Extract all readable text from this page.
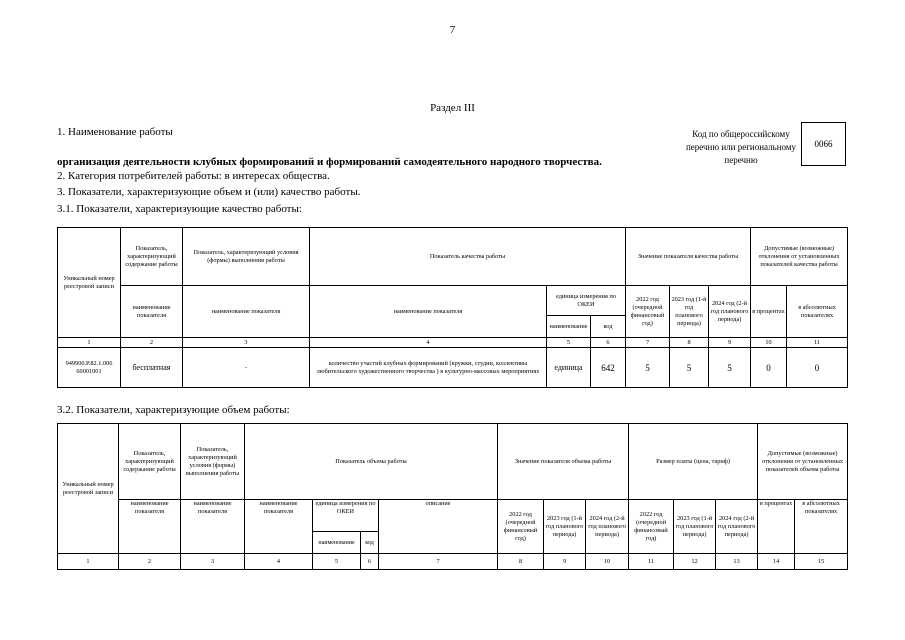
7
Раздел III
1. Наименование работы	Код по общероссийскому
перечню или региональному
перечню
0066
организация деятельности клубных формирований и формирований самодеятельного народного творчества.
2. Категория потребителей работы: в интересах общества.
3. Показатели, характеризующие объем и (или) качество работы.
3.1. Показатели, характеризующие качество работы:
Уникальный номер реестровой записи	Показатель, характеризующий содержание работы	Показатель, характеризующий условия (формы) выполнения работы	Показатель качества работы			Значение показателя качества работы			Допустимые (возможные) отклонения от установленных показателей качества работы	
	наименование показателя	наименование показателя	наименование показателя	единица измерения по ОКЕИ		2022 год (очередной финансовый год)	2023 год (1-й год планового периода)	2024 год (2-й год планового периода)	в процентах	в абсолютных показателях
				наименование	код					
1	2	3	4	5	6	7	8	9	10	11
949900.Р.82.1.006 60001001	бесплатная	-	количество участий клубных формирований (кружки, студии, коллективы любительского художественного творчества ) в культурно-массовых мероприятиях	единица	642	5	5	5	0	0
3.2. Показатели, характеризующие объем работы:
Уникальный номер реестровой записи	Показатель, характеризующий содержание работы	Показатель, характеризующий условия (формы) выполнения работы	Показатель объема работы				Значение показателя объема работы			Размер платы (цена, тариф)			Допустимые (возможные) отклонения от установленных показателей объема работы	
	наименование показателя	наименование показателя	наименование показателя	единица измерения по ОКЕИ		описание	2022 год (очередной финансовый год)	2023 год (1-й год планового периода)	2024 год (2-й год планового периода)	2022 год (очередной финансовый год)	2023 год (1-й год планового периода)	2024 год (2-й год планового периода)	в процентах	в абсолютных показателях
				наименование	код									
1	2	3	4	5	6	7	8	9	10	11	12	13	14	15
